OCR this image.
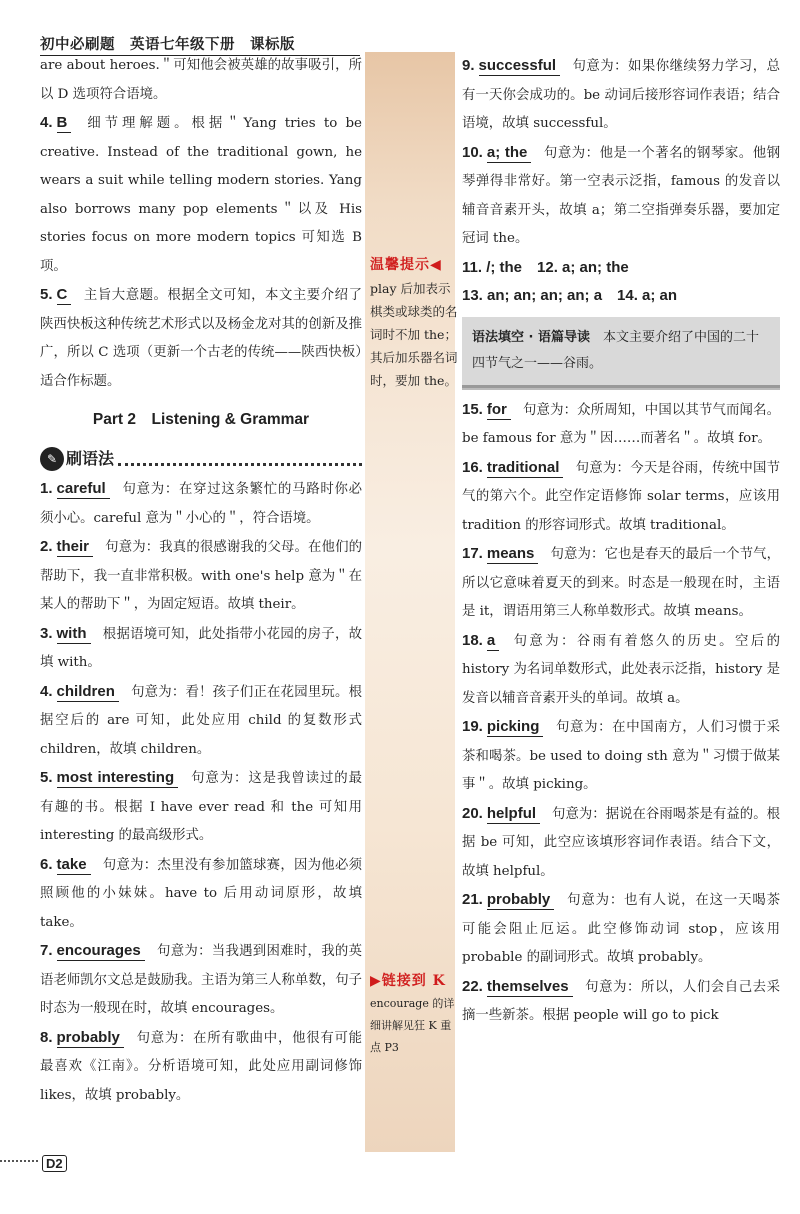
初中必刷题　英语七年级下册　课标版

are about heroes.＂可知他会被英雄的故事吸引，所以 D 选项符合语境。

4. B 细节理解题。根据＂Yang tries to be creative. Instead of the traditional gown, he wears a suit while telling modern stories. Yang also borrows many pop elements＂以及 His stories focus on more modern topics 可知选 B 项。

5. C 主旨大意题。根据全文可知，本文主要介绍了陕西快板这种传统艺术形式以及杨金龙对其的创新及推广，所以 C 选项（更新一个古老的传统——陕西快板）适合作标题。

Part 2　Listening & Grammar
✎ 刷语法

1. careful 句意为：在穿过这条繁忙的马路时你必须小心。careful 意为＂小心的＂，符合语境。

2. their 句意为：我真的很感谢我的父母。在他们的帮助下，我一直非常积极。with one's help 意为＂在某人的帮助下＂，为固定短语。故填 their。

3. with 根据语境可知，此处指带小花园的房子，故填 with。

4. children 句意为：看！孩子们正在花园里玩。根据空后的 are 可知，此处应用 child 的复数形式 children，故填 children。

5. most interesting 句意为：这是我曾读过的最有趣的书。根据 I have ever read 和 the 可知用 interesting 的最高级形式。

6. take 句意为：杰里没有参加篮球赛，因为他必须照顾他的小妹妹。have to 后用动词原形，故填 take。

7. encourages 句意为：当我遇到困难时，我的英语老师凯尔文总是鼓励我。主语为第三人称单数，句子时态为一般现在时，故填 encourages。

8. probably 句意为：在所有歌曲中，他很有可能最喜欢《江南》。分析语境可知，此处应用副词修饰 likes，故填 probably。

温馨提示◀
play 后加表示棋类或球类的名词时不加 the；其后加乐器名词时，要加 the。
▶链接到 K
encourage 的详细讲解见狂 K 重点 P3

9. successful 句意为：如果你继续努力学习，总有一天你会成功的。be 动词后接形容词作表语；结合语境，故填 successful。

10. a; the 句意为：他是一个著名的钢琴家。他钢琴弹得非常好。第一空表示泛指，famous 的发音以辅音音素开头，故填 a；第二空指弹奏乐器，要加定冠词 the。

11. /; the　12. a; an; the

13. an; an; an; an; a　14. a; an

语法填空 · 语篇导读　 本文主要介绍了中国的二十四节气之一——谷雨。

15. for 句意为：众所周知，中国以其节气而闻名。be famous for 意为＂因……而著名＂。故填 for。

16. traditional 句意为：今天是谷雨，传统中国节气的第六个。此空作定语修饰 solar terms，应该用 tradition 的形容词形式。故填 traditional。

17. means 句意为：它也是春天的最后一个节气，所以它意味着夏天的到来。时态是一般现在时，主语是 it，谓语用第三人称单数形式。故填 means。

18. a 句意为：谷雨有着悠久的历史。空后的 history 为名词单数形式，此处表示泛指，history 是发音以辅音音素开头的单词。故填 a。

19. picking 句意为：在中国南方，人们习惯于采茶和喝茶。be used to doing sth 意为＂习惯于做某事＂。故填 picking。

20. helpful 句意为：据说在谷雨喝茶是有益的。根据 be 可知，此空应该填形容词作表语。结合下文，故填 helpful。

21. probably 句意为：也有人说，在这一天喝茶可能会阻止厄运。此空修饰动词 stop，应该用 probable 的副词形式。故填 probably。

22. themselves 句意为：所以，人们会自己去采摘一些新茶。根据 people will go to pick

D2
